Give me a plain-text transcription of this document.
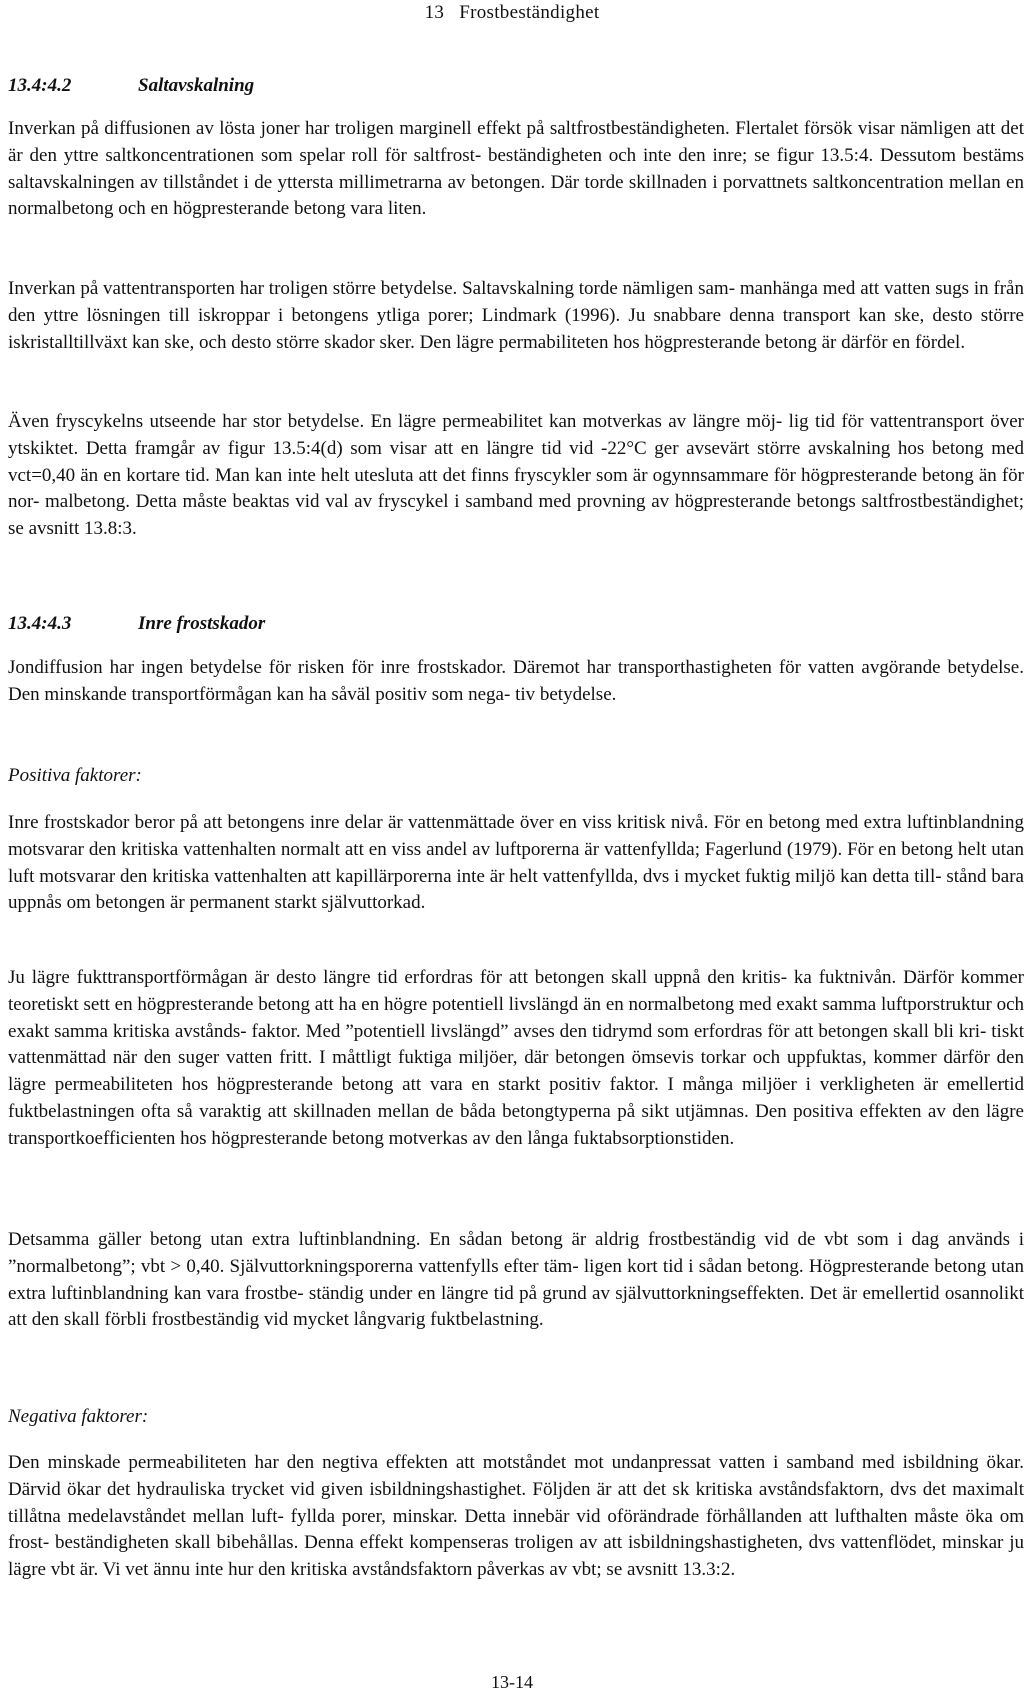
13 Frostbeständighet
13.4:4.2	Saltavskalning

Inverkan på diffusionen av lösta joner har troligen marginell effekt på saltfrostbeständigheten. Flertalet försök visar nämligen att det är den yttre saltkoncentrationen som spelar roll för saltfrost- beständigheten och inte den inre; se figur 13.5:4. Dessutom bestäms saltavskalningen av tillståndet i de yttersta millimetrarna av betongen. Där torde skillnaden i porvattnets saltkoncentration mellan en normalbetong och en högpresterande betong vara liten.

Inverkan på vattentransporten har troligen större betydelse. Saltavskalning torde nämligen sam- manhänga med att vatten sugs in från den yttre lösningen till iskroppar i betongens ytliga porer; Lindmark (1996). Ju snabbare denna transport kan ske, desto större iskristalltillväxt kan ske, och desto större skador sker. Den lägre permabiliteten hos högpresterande betong är därför en fördel.

Även fryscykelns utseende har stor betydelse. En lägre permeabilitet kan motverkas av längre möj- lig tid för vattentransport över ytskiktet. Detta framgår av figur 13.5:4(d) som visar att en längre tid vid -22°C ger avsevärt större avskalning hos betong med vct=0,40 än en kortare tid. Man kan inte helt utesluta att det finns fryscykler som är ogynnsammare för högpresterande betong än för nor- malbetong. Detta måste beaktas vid val av fryscykel i samband med provning av högpresterande betongs saltfrostbeständighet; se avsnitt 13.8:3.

13.4:4.3	Inre frostskador

Jondiffusion har ingen betydelse för risken för inre frostskador. Däremot har transporthastigheten för vatten avgörande betydelse. Den minskande transportförmågan kan ha såväl positiv som nega- tiv betydelse.

Positiva faktorer:

Inre frostskador beror på att betongens inre delar är vattenmättade över en viss kritisk nivå. För en betong med extra luftinblandning motsvarar den kritiska vattenhalten normalt att en viss andel av luftporerna är vattenfyllda; Fagerlund (1979). För en betong helt utan luft motsvarar den kritiska vattenhalten att kapillärporerna inte är helt vattenfyllda, dvs i mycket fuktig miljö kan detta till- stånd bara uppnås om betongen är permanent starkt självuttorkad.

Ju lägre fukttransportförmågan är desto längre tid erfordras för att betongen skall uppnå den kritis- ka fuktnivån. Därför kommer teoretiskt sett en högpresterande betong att ha en högre potentiell livslängd än en normalbetong med exakt samma luftporstruktur och exakt samma kritiska avstånds- faktor. Med ”potentiell livslängd” avses den tidrymd som erfordras för att betongen skall bli kri- tiskt vattenmättad när den suger vatten fritt. I måttligt fuktiga miljöer, där betongen ömsevis torkar och uppfuktas, kommer därför den lägre permeabiliteten hos högpresterande betong att vara en starkt positiv faktor. I många miljöer i verkligheten är emellertid fuktbelastningen ofta så varaktig att skillnaden mellan de båda betongtyperna på sikt utjämnas. Den positiva effekten av den lägre transportkoefficienten hos högpresterande betong motverkas av den långa fuktabsorptionstiden.

Detsamma gäller betong utan extra luftinblandning. En sådan betong är aldrig frostbeständig vid de vbt som i dag används i ”normalbetong”; vbt > 0,40. Självuttorkningsporerna vattenfylls efter täm- ligen kort tid i sådan betong. Högpresterande betong utan extra luftinblandning kan vara frostbe- ständig under en längre tid på grund av självuttorkningseffekten. Det är emellertid osannolikt att den skall förbli frostbeständig vid mycket långvarig fuktbelastning.

Negativa faktorer:

Den minskade permeabiliteten har den negtiva effekten att motståndet mot undanpressat vatten i samband med isbildning ökar. Därvid ökar det hydrauliska trycket vid given isbildningshastighet. Följden är att det sk kritiska avståndsfaktorn, dvs det maximalt tillåtna medelavståndet mellan luft- fyllda porer, minskar. Detta innebär vid oförändrade förhållanden att lufthalten måste öka om frost- beständigheten skall bibehållas. Denna effekt kompenseras troligen av att isbildningshastigheten, dvs vattenflödet, minskar ju lägre vbt är. Vi vet ännu inte hur den kritiska avståndsfaktorn påverkas av vbt; se avsnitt 13.3:2.

13-14
